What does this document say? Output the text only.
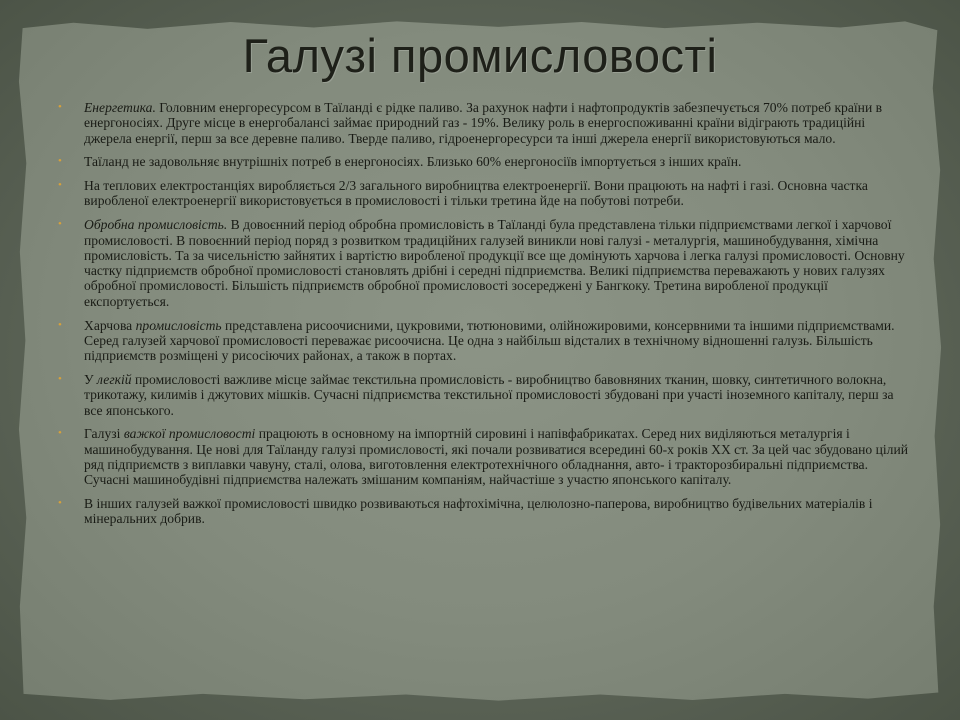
Галузі промисловості
• Енергетика. Головним енергоресурсом в Таїланді є рідке паливо. За рахунок нафти і нафтопродуктів забезпечується 70% потреб країни в енергоносіях. Друге місце в енергобалансі займає природний газ - 19%. Велику роль в енергоспоживанні країни відіграють традиційні джерела енергії, перш за все деревне паливо. Тверде паливо, гідроенергоресурси та інші джерела енергії використовуються мало.
• Таїланд не задовольняє внутрішніх потреб в енергоносіях. Близько 60% енергоносіїв імпортується з інших країн.
• На теплових електростанціях виробляється 2/3 загального виробництва електроенергії. Вони працюють на нафті і газі. Основна частка виробленої електроенергії використовується в промисловості і тільки третина йде на побутові потреби.
• Обробна промисловість. В довоєнний період обробна промисловість в Таїланді була представлена тільки підприємствами легкої і харчової промисловості. В повоєнний період поряд з розвитком традиційних галузей виникли нові галузі - металургія, машинобудування, хімічна промисловість. Та за чисельністю зайнятих і вартістю виробленої продукції все ще домінують харчова і легка галузі промисловості. Основну частку підприємств обробної промисловості становлять дрібні і середні підприємства. Великі підприємства переважають у нових галузях обробної промисловості. Більшість підприємств обробної промисловості зосереджені у Бангкоку. Третина виробленої продукції експортується.
• Харчова промисловість представлена рисоочисними, цукровими, тютюновими, олійножировими, консервними та іншими підприємствами. Серед галузей харчової промисловості переважає рисоочисна. Це одна з найбільш відсталих в технічному відношенні галузь. Більшість підприємств розміщені у рисосіючих районах, а також в портах.
• У легкій промисловості важливе місце займає текстильна промисловість - виробництво бавовняних тканин, шовку, синтетичного волокна, трикотажу, килимів і джутових мішків. Сучасні підприємства текстильної промисловості збудовані при участі іноземного капіталу, перш за все японського.
• Галузі важкої промисловості працюють в основному на імпортній сировині і напівфабрикатах. Серед них виділяються металургія і машинобудування. Це нові для Таїланду галузі промисловості, які почали розвиватися всередині 60-х років ХХ ст. За цей час збудовано цілий ряд підприємств з виплавки чавуну, сталі, олова, виготовлення електротехнічного обладнання, авто- і тракторозбиральні підприємства. Сучасні машинобудівні підприємства належать змішаним компаніям, найчастіше з участю японського капіталу.
• В інших галузей важкої промисловості швидко розвиваються нафтохімічна, целюлозно-паперова, виробництво будівельних матеріалів і мінеральних добрив.
